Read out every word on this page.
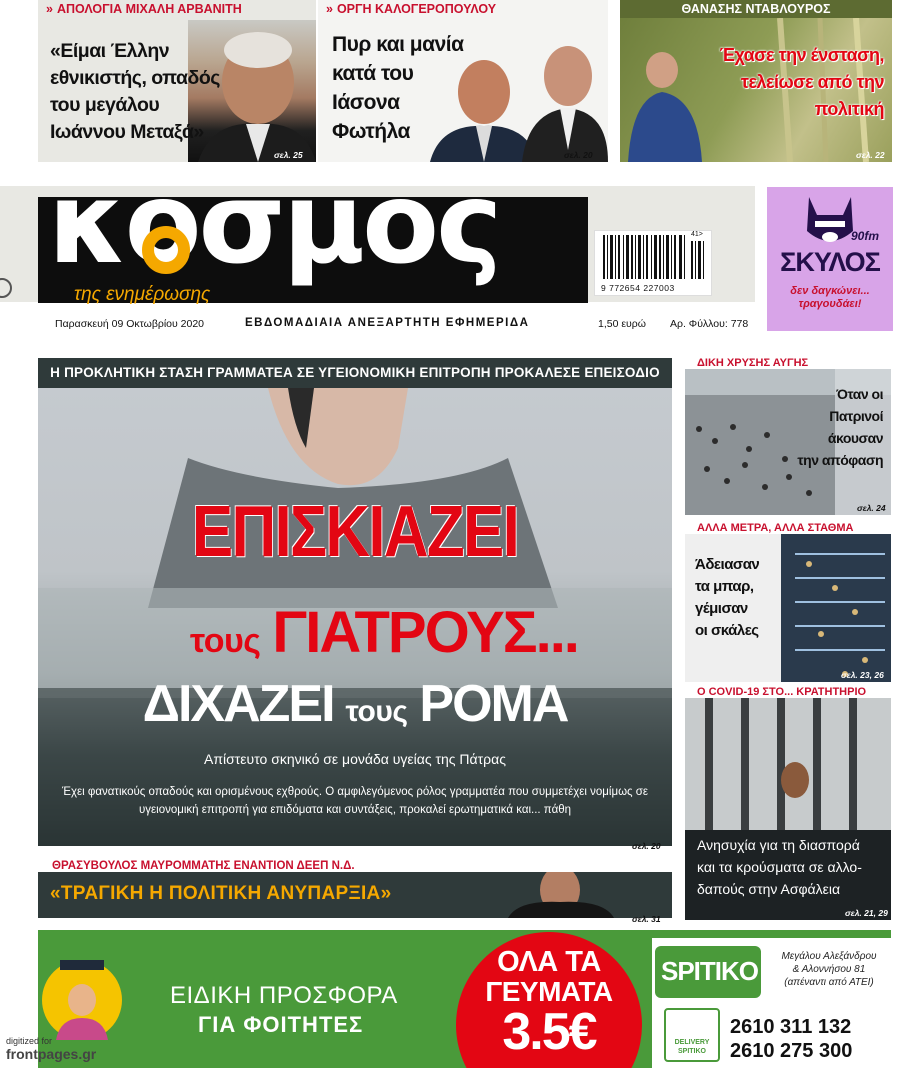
» ΑΠΟΛΟΓΙΑ ΜΙΧΑΛΗ ΑΡΒΑΝΙΤΗ
«Είμαι Έλλην
εθνικιστής, οπαδός
του μεγάλου
Ιωάννου Μεταξά»
σελ. 25
» ΟΡΓΗ ΚΑΛΟΓΕΡΟΠΟΥΛΟΥ
Πυρ και μανία
κατά του
Ιάσονα
Φωτήλα
σελ. 20
ΘΑΝΑΣΗΣ ΝΤΑΒΛΟΥΡΟΣ
Έχασε την ένσταση,
τελείωσε από την
πολιτική
σελ. 22
κοσμος
της ενημέρωσης
41>
9 772654 227003
Παρασκευή 09 Οκτωβρίου 2020	ΕΒΔΟΜΑΔΙΑΙΑ ΑΝΕΞΑΡΤΗΤΗ ΕΦΗΜΕΡΙΔΑ	1,50 ευρώ Αρ. Φύλλου: 778
90fm
ΣΚΥΛΟΣ
δεν δαγκώνει...
τραγουδάει!
Η ΠΡΟΚΛΗΤΙΚΗ ΣΤΑΣΗ ΓΡΑΜΜΑΤΕΑ ΣΕ ΥΓΕΙΟΝΟΜΙΚΗ ΕΠΙΤΡΟΠΗ ΠΡΟΚΑΛΕΣΕ ΕΠΕΙΣΟΔΙΟ
ΕΠΙΣΚΙΑΖΕΙ
τους ΓΙΑΤΡΟΥΣ...
ΔΙΧΑΖΕΙ τους ΡΟΜΑ
Απίστευτο σκηνικό σε μονάδα υγείας της Πάτρας
Έχει φανατικούς οπαδούς και ορισμένους εχθρούς. Ο αμφιλεγόμενος ρόλος γραμματέα που συμμετέχει νομίμως σε υγειονομική επιτροπή για επιδόματα και συντάξεις, προκαλεί ερωτηματικά και... πάθη
σελ. 20
ΘΡΑΣΥΒΟΥΛΟΣ ΜΑΥΡΟΜΜΑΤΗΣ ΕΝΑΝΤΙΟΝ ΔΕΕΠ Ν.Δ.
«ΤΡΑΓΙΚΗ Η ΠΟΛΙΤΙΚΗ ΑΝΥΠΑΡΞΙΑ»
σελ. 31
ΔΙΚΗ ΧΡΥΣΗΣ ΑΥΓΗΣ
Όταν οι
Πατρινοί
άκουσαν
την απόφαση
σελ. 24
ΑΛΛΑ ΜΕΤΡΑ, ΑΛΛΑ ΣΤΑΘΜΑ
Άδειασαν
τα μπαρ,
γέμισαν
οι σκάλες
σελ. 23, 26
Ο COVID-19 ΣΤΟ... ΚΡΑΤΗΤΗΡΙΟ
Ανησυχία για τη διασπορά
και τα κρούσματα σε αλλο-
δαπούς στην Ασφάλεια
σελ. 21, 29
ΕΙΔΙΚΗ ΠΡΟΣΦΟΡΑ
ΓΙΑ ΦΟΙΤΗΤΕΣ
ΟΛΑ ΤΑ
ΓΕΥΜΑΤΑ
3.5€
SPITIKO	Μεγάλου Αλεξάνδρου
& Αλοννήσου 81
(απέναντι από ΑΤΕΙ)
DELIVERY
SPITIKO
2610 311 132
2610 275 300
digitized for
frontpages.gr
